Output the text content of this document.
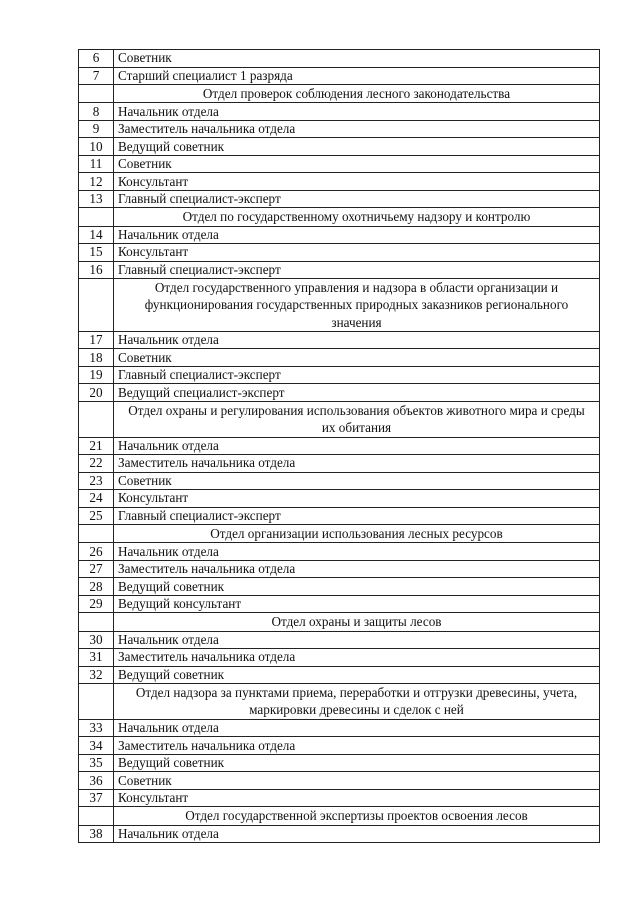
6	Советник
7	Старший специалист 1 разряда
	Отдел проверок соблюдения лесного законодательства
8	Начальник отдела
9	Заместитель начальника отдела
10	Ведущий советник
11	Советник
12	Консультант
13	Главный специалист-эксперт
	Отдел по государственному охотничьему надзору и контролю
14	Начальник отдела
15	Консультант
16	Главный специалист-эксперт
	Отдел государственного управления и надзора в области организации и функционирования государственных природных заказников регионального значения
17	Начальник отдела
18	Советник
19	Главный специалист-эксперт
20	Ведущий специалист-эксперт
	Отдел охраны и регулирования использования объектов животного мира и среды их обитания
21	Начальник отдела
22	Заместитель начальника отдела
23	Советник
24	Консультант
25	Главный специалист-эксперт
	Отдел организации использования лесных ресурсов
26	Начальник отдела
27	Заместитель начальника отдела
28	Ведущий советник
29	Ведущий консультант
	Отдел охраны и защиты лесов
30	Начальник отдела
31	Заместитель начальника отдела
32	Ведущий советник
	Отдел надзора за пунктами приема, переработки и отгрузки древесины, учета, маркировки древесины и сделок с ней
33	Начальник отдела
34	Заместитель начальника отдела
35	Ведущий советник
36	Советник
37	Консультант
	Отдел государственной экспертизы проектов освоения лесов
38	Начальник отдела
